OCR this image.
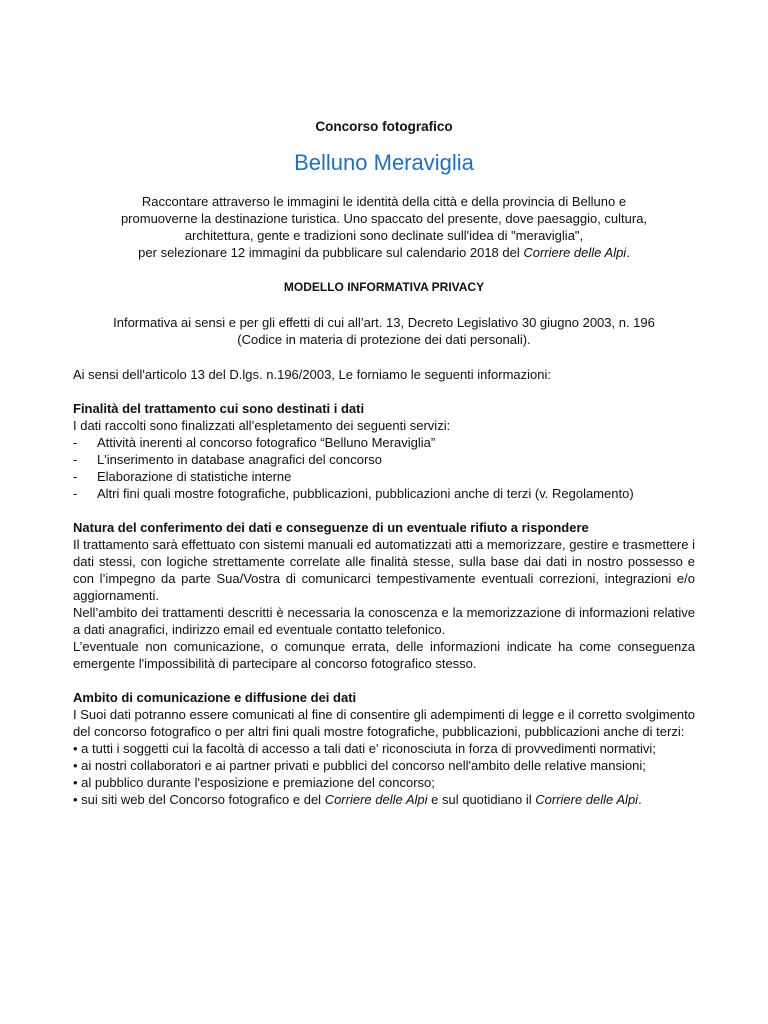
Concorso fotografico

Belluno Meraviglia
Raccontare attraverso le immagini le identità della città e della provincia di Belluno e
promuoverne la destinazione turistica. Uno spaccato del presente, dove paesaggio, cultura,
architettura, gente e tradizioni sono declinate sull'idea di "meraviglia",
per selezionare 12 immagini da pubblicare sul calendario 2018 del Corriere delle Alpi.

MODELLO INFORMATIVA PRIVACY

Informativa ai sensi e per gli effetti di cui all’art. 13, Decreto Legislativo 30 giugno 2003, n. 196
(Codice in materia di protezione dei dati personali).

Ai sensi dell'articolo 13 del D.lgs. n.196/2003, Le forniamo le seguenti informazioni:

Finalità del trattamento cui sono destinati i dati

I dati raccolti sono finalizzati all’espletamento dei seguenti servizi:

- Attività inerenti al concorso fotografico “Belluno Meraviglia”
- L'inserimento in database anagrafici del concorso
- Elaborazione di statistiche interne
- Altri fini quali mostre fotografiche, pubblicazioni, pubblicazioni anche di terzi (v. Regolamento)
Natura del conferimento dei dati e conseguenze di un eventuale rifiuto a rispondere

Il trattamento sarà effettuato con sistemi manuali ed automatizzati atti a memorizzare, gestire e trasmettere i dati stessi, con logiche strettamente correlate alle finalità stesse, sulla base dai dati in nostro possesso e con l’impegno da parte Sua/Vostra di comunicarci tempestivamente eventuali correzioni, integrazioni e/o aggiornamenti.

Nell’ambito dei trattamenti descritti è necessaria la conoscenza e la memorizzazione di informazioni relative a dati anagrafici, indirizzo email ed eventuale contatto telefonico.

L’eventuale non comunicazione, o comunque errata, delle informazioni indicate ha come conseguenza emergente l'impossibilità di partecipare al concorso fotografico stesso.

Ambito di comunicazione e diffusione dei dati

I Suoi dati potranno essere comunicati al fine di consentire gli adempimenti di legge e il corretto svolgimento del concorso fotografico o per altri fini quali mostre fotografiche, pubblicazioni, pubblicazioni anche di terzi:

• a tutti i soggetti cui la facoltà di accesso a tali dati e' riconosciuta in forza di provvedimenti normativi;
• ai nostri collaboratori e ai partner privati e pubblici del concorso nell'ambito delle relative mansioni;
• al pubblico durante l'esposizione e premiazione del concorso;
• sui siti web del Concorso fotografico e del Corriere delle Alpi e sul quotidiano il Corriere delle Alpi.
